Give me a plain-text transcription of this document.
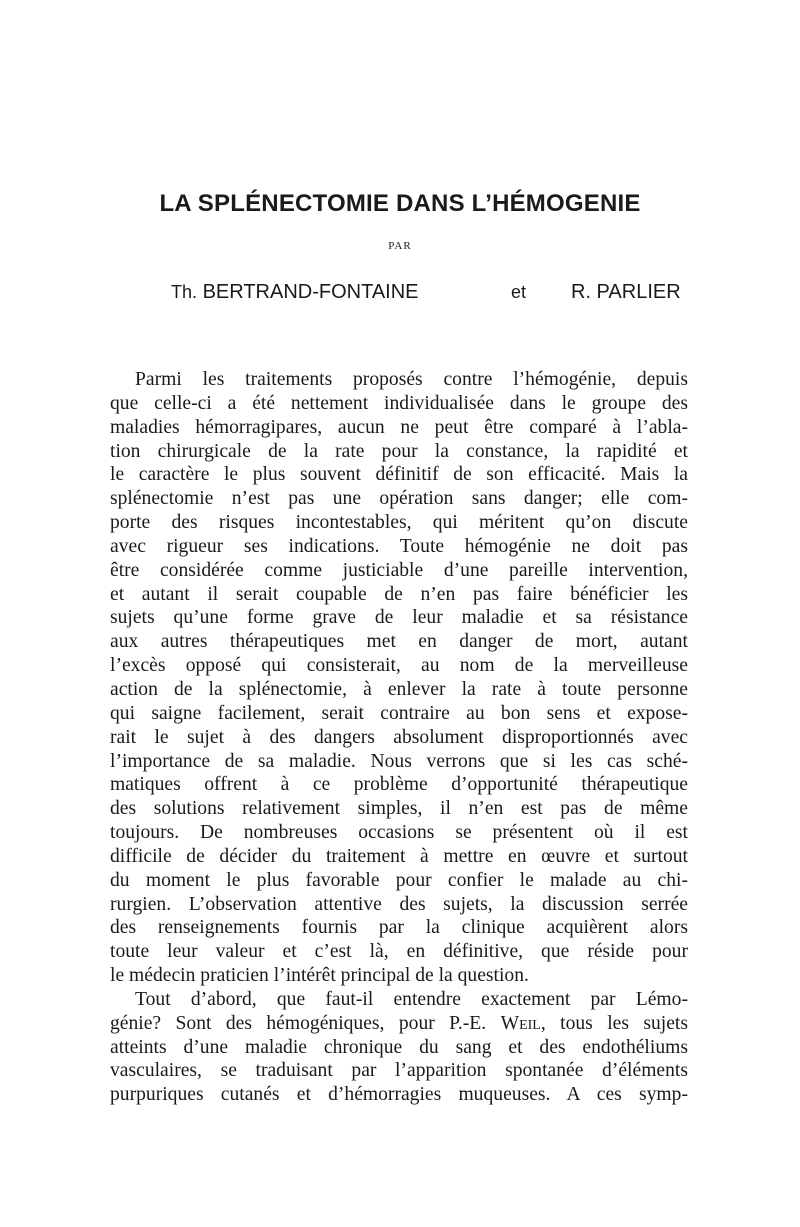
LA SPLÉNECTOMIE DANS L’HÉMOGENIE
PAR
Th. BERTRAND-FONTAINE	et R. PARLIER
Parmi les traitements proposés contre l’hémogénie, depuis
que celle-ci a été nettement individualisée dans le groupe des
maladies hémorragipares, aucun ne peut être comparé à l’abla-
tion chirurgicale de la rate pour la constance, la rapidité et
le caractère le plus souvent définitif de son efficacité. Mais la
splénectomie n’est pas une opération sans danger; elle com-
porte des risques incontestables, qui méritent qu’on discute
avec rigueur ses indications. Toute hémogénie ne doit pas
être considérée comme justiciable d’une pareille intervention,
et autant il serait coupable de n’en pas faire bénéficier les
sujets qu’une forme grave de leur maladie et sa résistance
aux autres thérapeutiques met en danger de mort, autant
l’excès opposé qui consisterait, au nom de la merveilleuse
action de la splénectomie, à enlever la rate à toute personne
qui saigne facilement, serait contraire au bon sens et expose-
rait le sujet à des dangers absolument disproportionnés avec
l’importance de sa maladie. Nous verrons que si les cas sché-
matiques offrent à ce problème d’opportunité thérapeutique
des solutions relativement simples, il n’en est pas de même
toujours. De nombreuses occasions se présentent où il est
difficile de décider du traitement à mettre en œuvre et surtout
du moment le plus favorable pour confier le malade au chi-
rurgien. L’observation attentive des sujets, la discussion serrée
des renseignements fournis par la clinique acquièrent alors
toute leur valeur et c’est là, en définitive, que réside pour
le médecin praticien l’intérêt principal de la question.
Tout d’abord, que faut-il entendre exactement par Lémo-
génie? Sont des hémogéniques, pour P.-E. Weil, tous les sujets
atteints d’une maladie chronique du sang et des endothéliums
vasculaires, se traduisant par l’apparition spontanée d’éléments
purpuriques cutanés et d’hémorragies muqueuses. A ces symp-
